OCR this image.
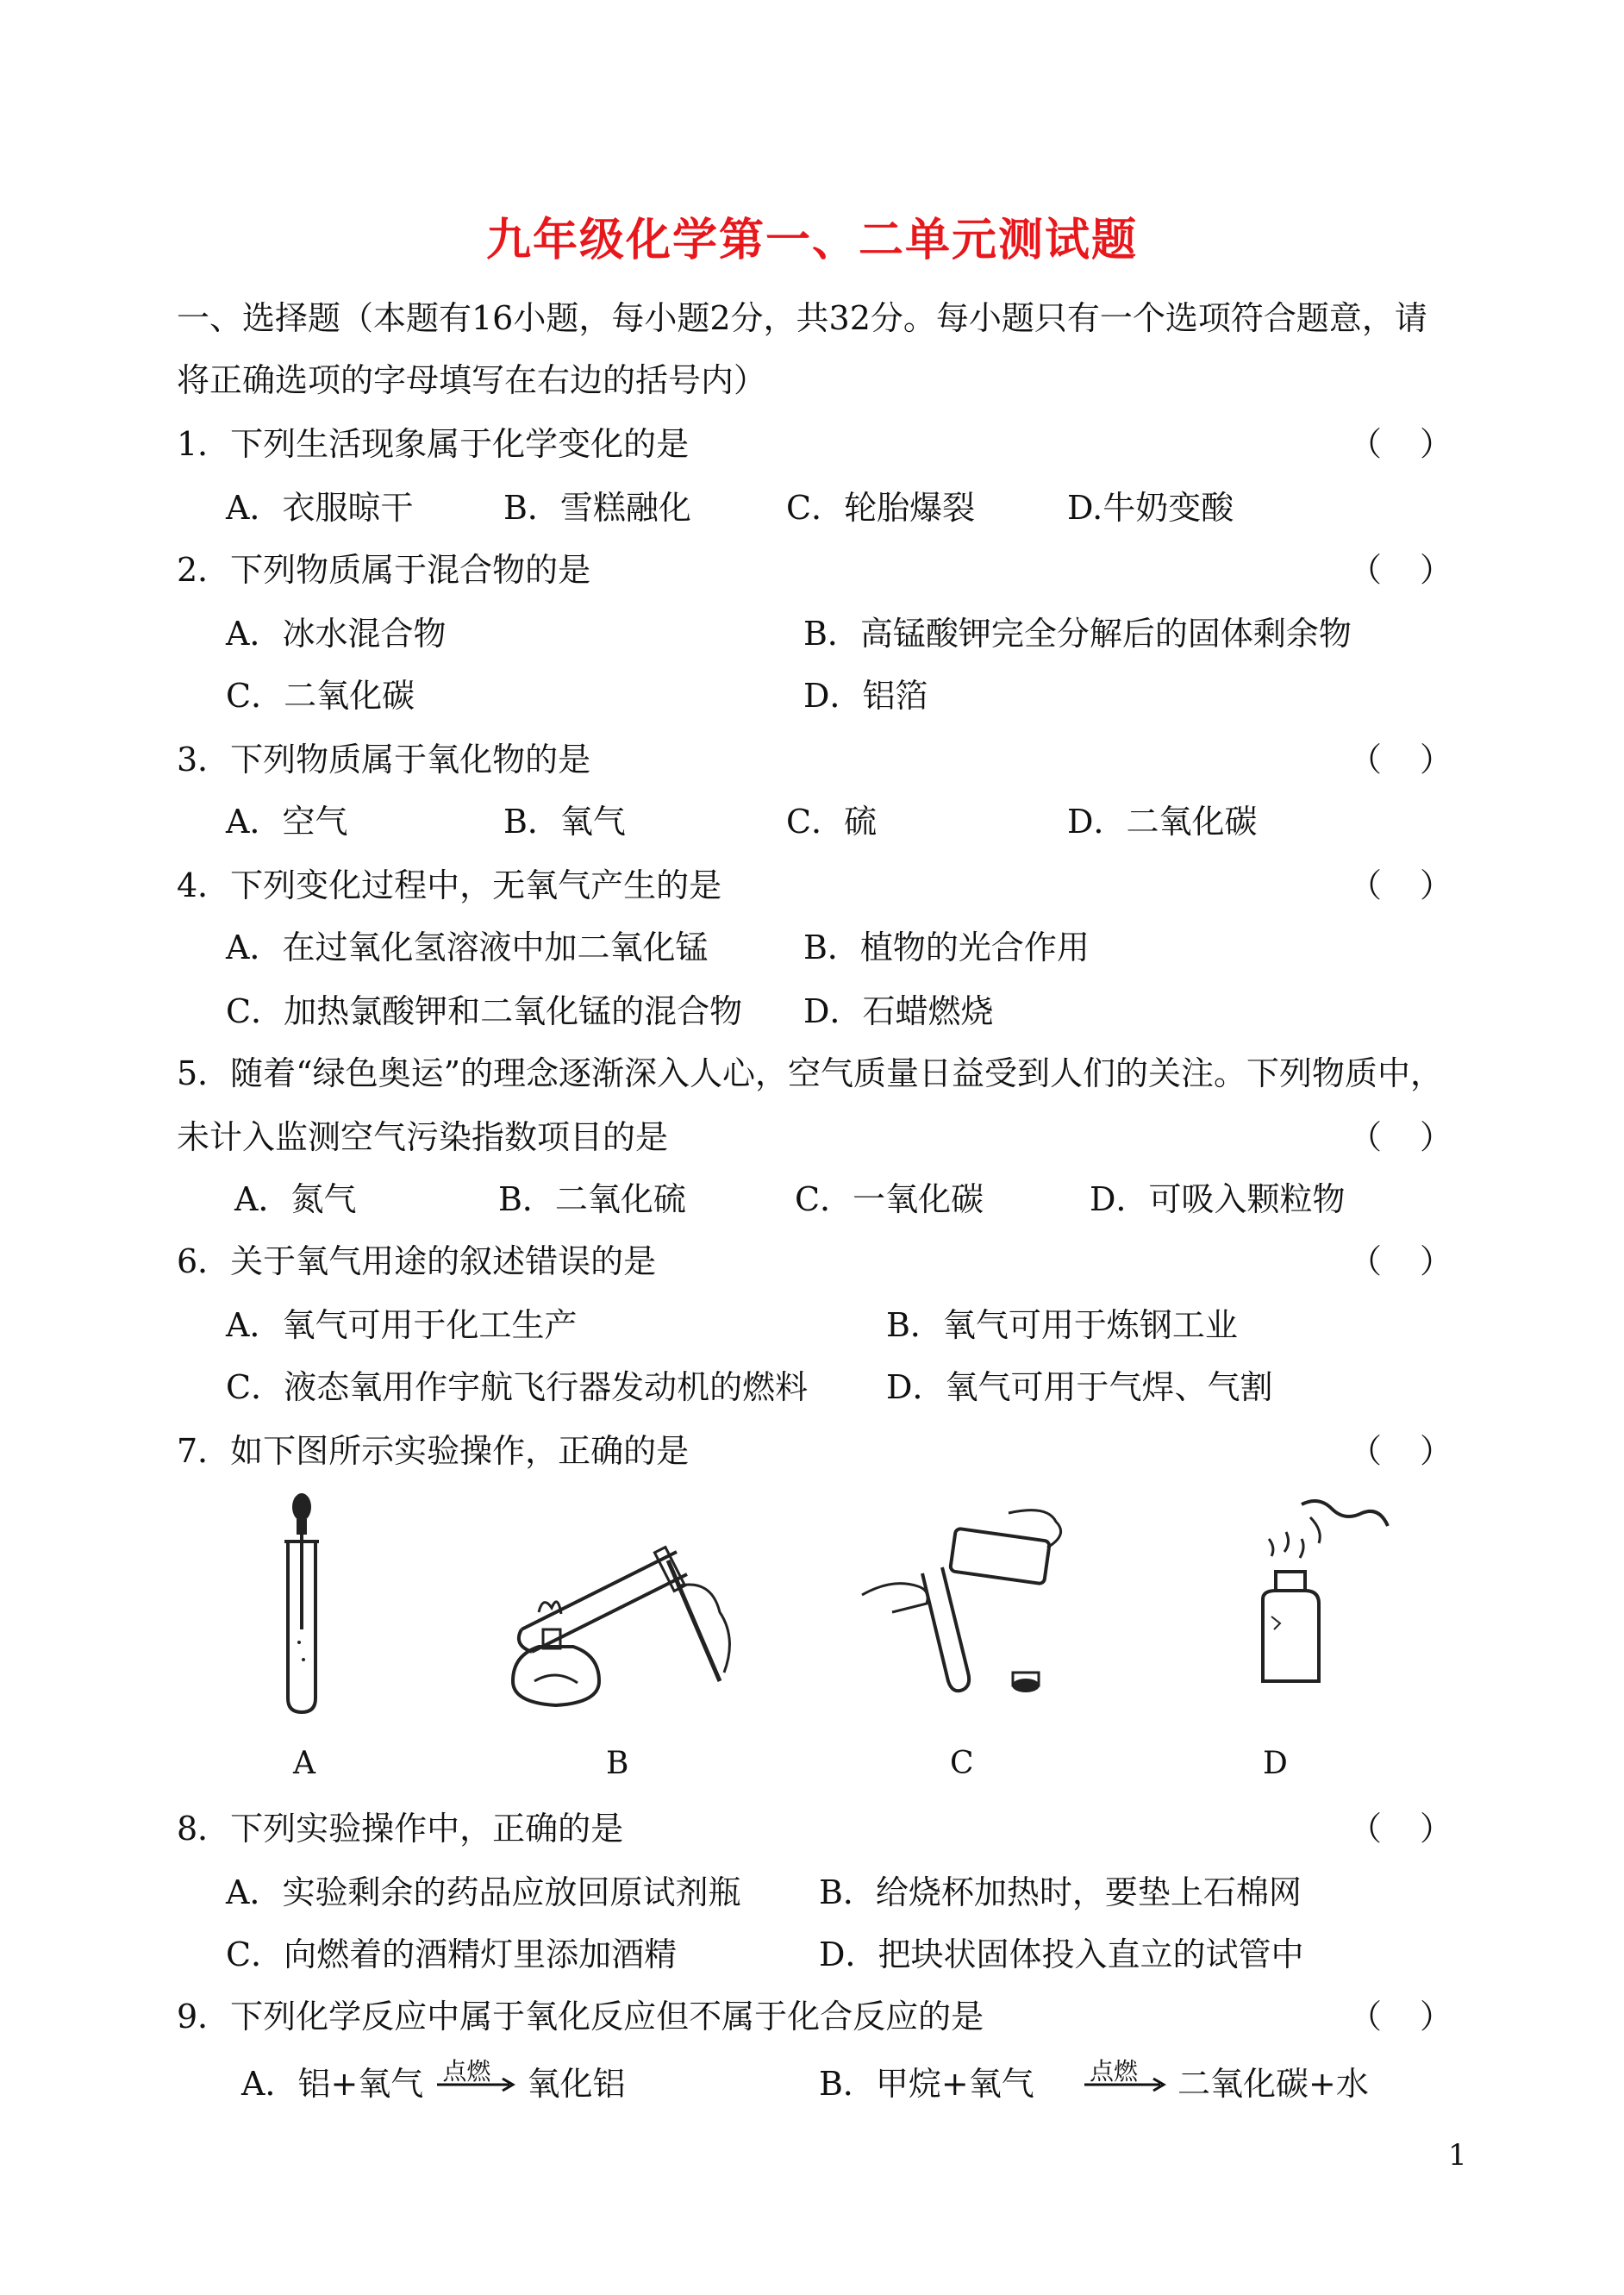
九年级化学第一、二单元测试题
一、选择题（本题有16小题，每小题2分，共32分。每小题只有一个选项符合题意，请
将正确选项的字母填写在右边的括号内）
1．下列生活现象属于化学变化的是	（ ）
A．衣服晾干	B．雪糕融化	C．轮胎爆裂	D.牛奶变酸
2．下列物质属于混合物的是	（ ）
A．冰水混合物	B．高锰酸钾完全分解后的固体剩余物
C．二氧化碳	D．铝箔
3．下列物质属于氧化物的是	（ ）
A．空气	B．氧气	C．硫	D．二氧化碳
4．下列变化过程中，无氧气产生的是	（ ）
A．在过氧化氢溶液中加二氧化锰	B．植物的光合作用
C．加热氯酸钾和二氧化锰的混合物 D．石蜡燃烧
5．随着“绿色奥运”的理念逐渐深入人心，空气质量日益受到人们的关注。下列物质中，
未计入监测空气污染指数项目的是	（ ）
A．氮气	B．二氧化硫	C．一氧化碳	D．可吸入颗粒物
6．关于氧气用途的叙述错误的是	（ ）
A．氧气可用于化工生产	B．氧气可用于炼钢工业
C．液态氧用作宇航飞行器发动机的燃料 D．氧气可用于气焊、气割
7．如下图所示实验操作，正确的是	（ ）
A	B	C	D
8．下列实验操作中，正确的是	（ ）
A．实验剩余的药品应放回原试剂瓶 B．给烧杯加热时，要垫上石棉网
C．向燃着的酒精灯里添加酒精	D．把块状固体投入直立的试管中
9．下列化学反应中属于氧化反应但不属于化合反应的是	（ ）
A．铝+氧气 点燃 氧化铝	B．甲烷+氧气 点燃 二氧化碳+水
1
